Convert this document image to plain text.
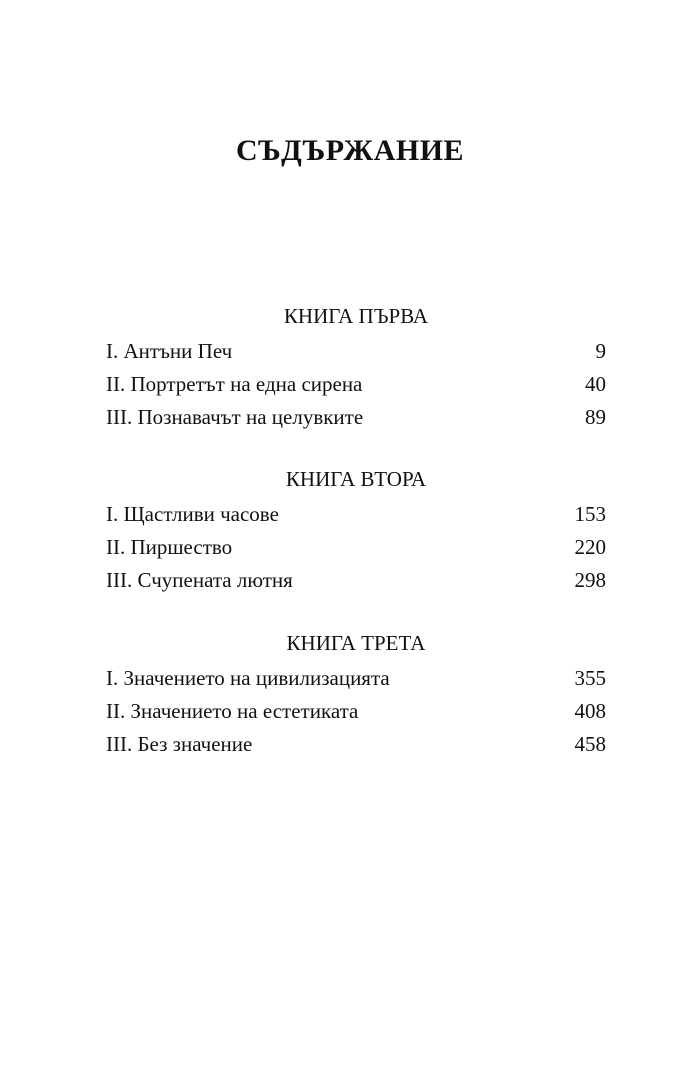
СЪДЪРЖАНИЕ
КНИГА ПЪРВА
I. Антъни Печ	9
II. Портретът на една сирена	40
III. Познавачът на целувките	89
КНИГА ВТОРА
I. Щастливи часове	153
II. Пиршество	220
III. Счупената лютня	298
КНИГА ТРЕТА
I. Значението на цивилизацията	355
II. Значението на естетиката	408
III. Без значение	458
